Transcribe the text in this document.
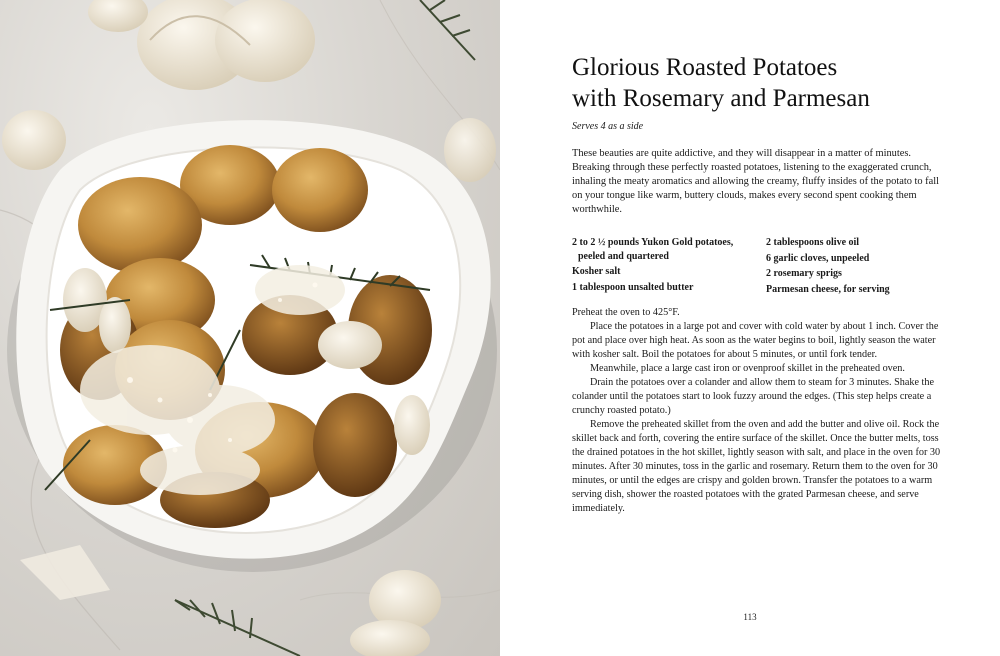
Glorious Roasted Potatoes
with Rosemary and Parmesan

Serves 4 as a side

These beauties are quite addictive, and they will disappear in a matter of minutes. Breaking through these perfectly roasted potatoes, listening to the exaggerated crunch, inhaling the meaty aromatics and allowing the creamy, fluffy insides of the potato to fall on your tongue like warm, buttery clouds, makes every second spent cooking them worthwhile.

2 to 2 ½ pounds Yukon Gold potatoes,
peeled and quartered
Kosher salt
1 tablespoon unsalted butter
2 tablespoons olive oil
6 garlic cloves, unpeeled
2 rosemary sprigs
Parmesan cheese, for serving

Preheat the oven to 425°F.

Place the potatoes in a large pot and cover with cold water by about 1 inch. Cover the pot and place over high heat. As soon as the water begins to boil, lightly season the water with kosher salt. Boil the potatoes for about 5 minutes, or until fork tender.

Meanwhile, place a large cast iron or ovenproof skillet in the preheated oven.

Drain the potatoes over a colander and allow them to steam for 3 minutes. Shake the colander until the potatoes start to look fuzzy around the edges. (This step helps create a crunchy roasted potato.)

Remove the preheated skillet from the oven and add the butter and olive oil. Rock the skillet back and forth, covering the entire surface of the skillet. Once the butter melts, toss the drained potatoes in the hot skillet, lightly season with salt, and place in the oven for 30 minutes. After 30 minutes, toss in the garlic and rosemary. Return them to the oven for 30 minutes, or until the edges are crispy and golden brown. Transfer the potatoes to a warm serving dish, shower the roasted potatoes with the grated Parmesan cheese, and serve immediately.

113
